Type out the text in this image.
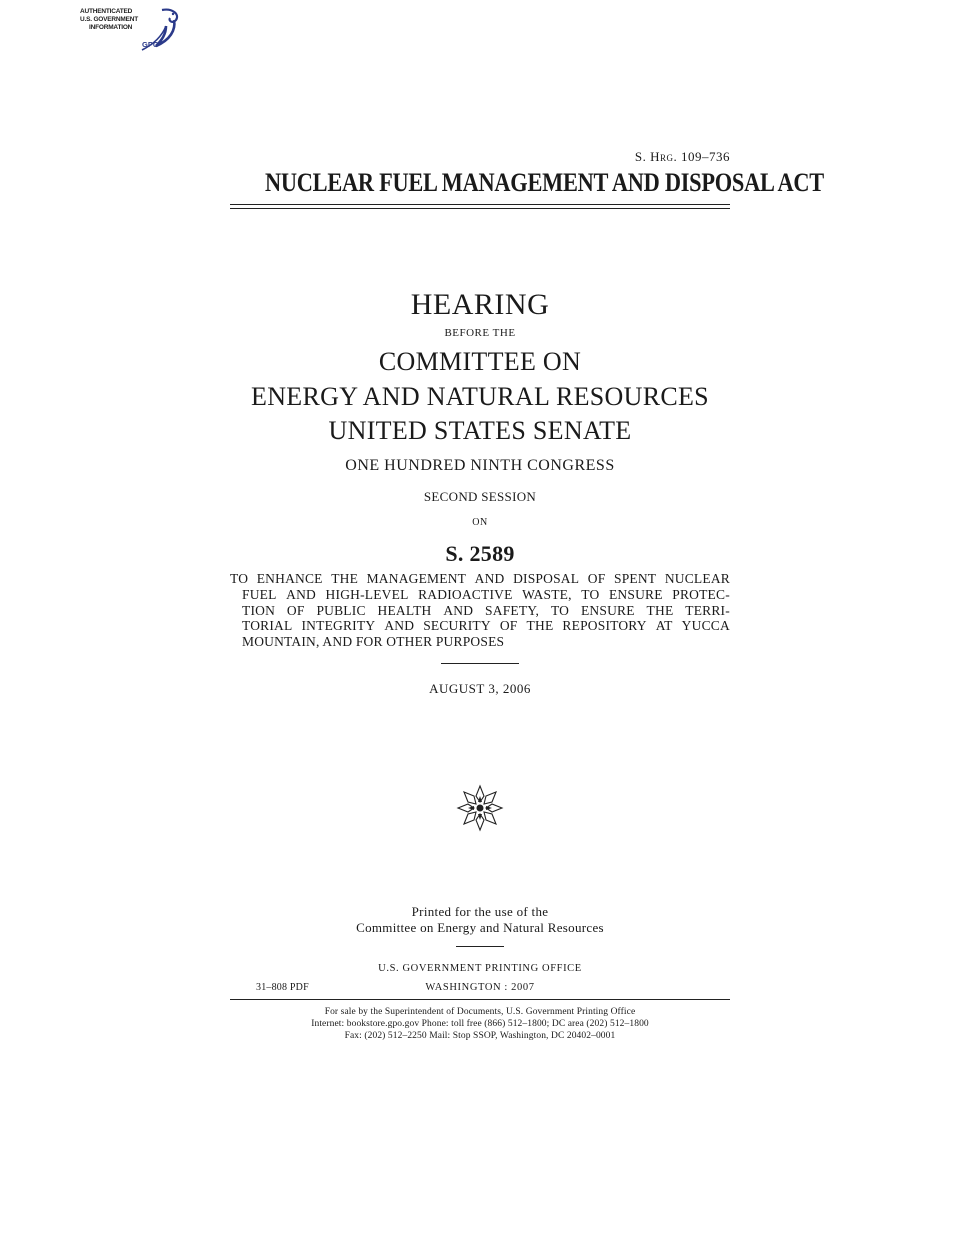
AUTHENTICATED
U.S. GOVERNMENT
INFORMATION
GPO
S. Hrg. 109–736
NUCLEAR FUEL MANAGEMENT AND DISPOSAL ACT
HEARING
BEFORE THE
COMMITTEE ON
ENERGY AND NATURAL RESOURCES
UNITED STATES SENATE
ONE HUNDRED NINTH CONGRESS
SECOND SESSION
ON
S. 2589
TO ENHANCE THE MANAGEMENT AND DISPOSAL OF SPENT NUCLEAR
FUEL AND HIGH-LEVEL RADIOACTIVE WASTE, TO ENSURE PROTEC-
TION OF PUBLIC HEALTH AND SAFETY, TO ENSURE THE TERRI-
TORIAL INTEGRITY AND SECURITY OF THE REPOSITORY AT YUCCA
MOUNTAIN, AND FOR OTHER PURPOSES
AUGUST 3, 2006
Printed for the use of the
Committee on Energy and Natural Resources
U.S. GOVERNMENT PRINTING OFFICE
31–808 PDF	WASHINGTON : 2007
For sale by the Superintendent of Documents, U.S. Government Printing Office
Internet: bookstore.gpo.gov Phone: toll free (866) 512–1800; DC area (202) 512–1800
Fax: (202) 512–2250 Mail: Stop SSOP, Washington, DC 20402–0001
